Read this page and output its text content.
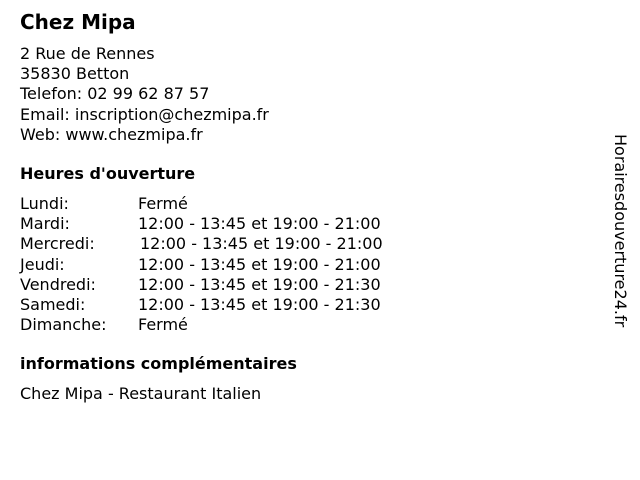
Chez Mipa
2 Rue de Rennes
35830 Betton
Telefon: 02 99 62 87 57
Email: inscription@chezmipa.fr
Web: www.chezmipa.fr
Heures d'ouverture
Lundi:	Fermé
Mardi:	12:00 - 13:45 et 19:00 - 21:00
Mercredi:	12:00 - 13:45 et 19:00 - 21:00
Jeudi:	12:00 - 13:45 et 19:00 - 21:00
Vendredi:	12:00 - 13:45 et 19:00 - 21:30
Samedi:	12:00 - 13:45 et 19:00 - 21:30
Dimanche: Fermé
informations complémentaires
Chez Mipa - Restaurant Italien
Horairesdouverture24.fr
